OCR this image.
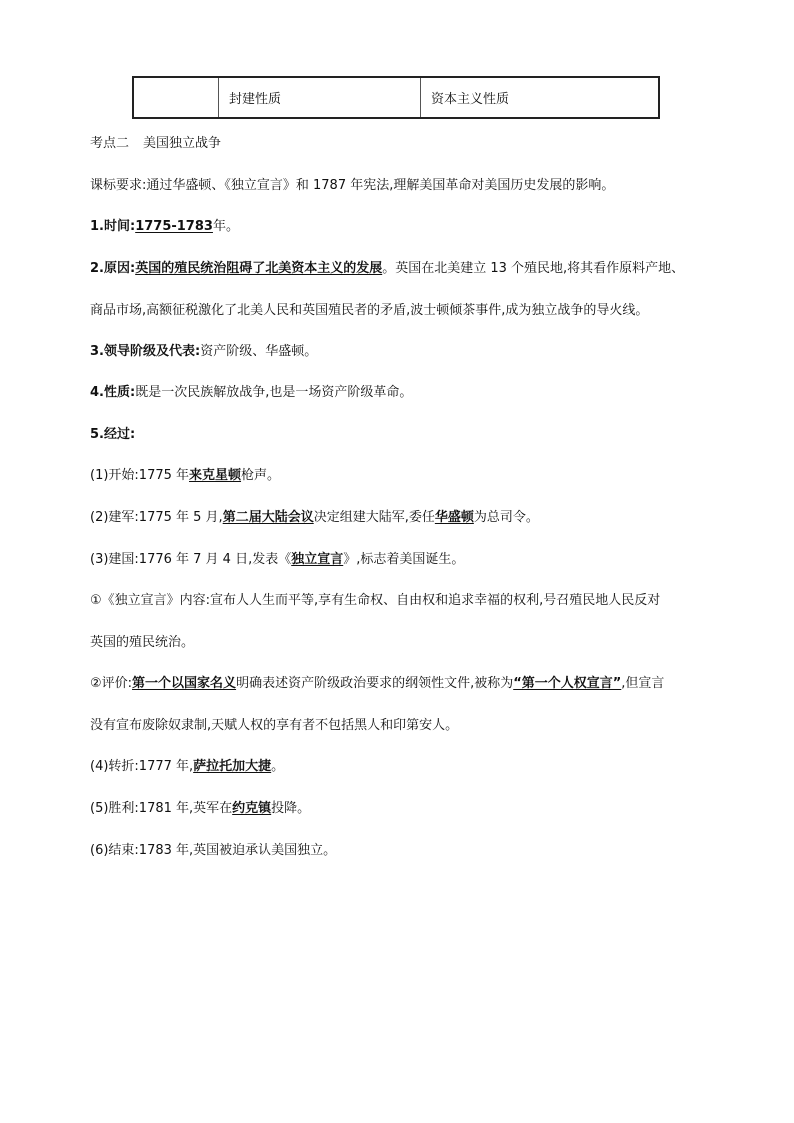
封建性质	资本主义性质
考点二 美国独立战争
课标要求:通过华盛顿、《独立宣言》和 1787 年宪法,理解美国革命对美国历史发展的影响。
1.时间:1775-1783年。
2.原因:英国的殖民统治阻碍了北美资本主义的发展。英国在北美建立 13 个殖民地,将其看作原料产地、
商品市场,高额征税激化了北美人民和英国殖民者的矛盾,波士顿倾茶事件,成为独立战争的导火线。
3.领导阶级及代表:资产阶级、华盛顿。
4.性质:既是一次民族解放战争,也是一场资产阶级革命。
5.经过:
(1)开始:1775 年来克星顿枪声。
(2)建军:1775 年 5 月,第二届大陆会议决定组建大陆军,委任华盛顿为总司令。
(3)建国:1776 年 7 月 4 日,发表《独立宣言》,标志着美国诞生。
①《独立宣言》内容:宣布人人生而平等,享有生命权、自由权和追求幸福的权利,号召殖民地人民反对
英国的殖民统治。
②评价:第一个以国家名义明确表述资产阶级政治要求的纲领性文件,被称为“第一个人权宣言”,但宣言
没有宣布废除奴隶制,天赋人权的享有者不包括黑人和印第安人。
(4)转折:1777 年,萨拉托加大捷。
(5)胜利:1781 年,英军在约克镇投降。
(6)结束:1783 年,英国被迫承认美国独立。
